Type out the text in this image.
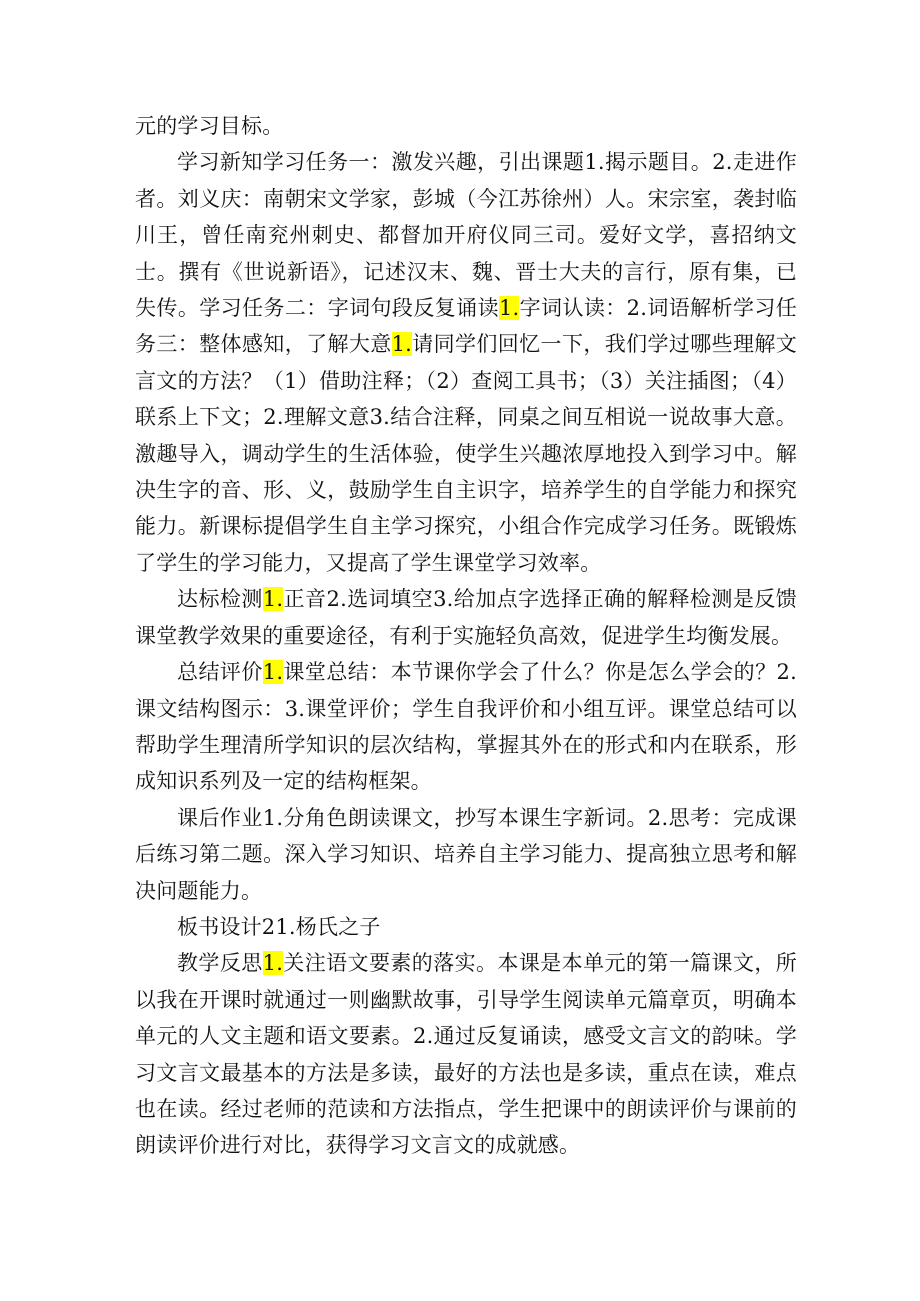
元的学习目标。

学习新知学习任务一：激发兴趣，引出课题1.揭示题目。2.走进作者。刘义庆：南朝宋文学家，彭城（今江苏徐州）人。宋宗室，袭封临川王，曾任南兖州刺史、都督加开府仪同三司。爱好文学，喜招纳文士。撰有《世说新语》，记述汉末、魏、晋士大夫的言行，原有集，已失传。学习任务二：字词句段反复诵读1.字词认读：2.词语解析学习任务三：整体感知，了解大意1.请同学们回忆一下，我们学过哪些理解文言文的方法？（1）借助注释；（2）查阅工具书；（3）关注插图；（4）联系上下文；2.理解文意3.结合注释，同桌之间互相说一说故事大意。激趣导入，调动学生的生活体验，使学生兴趣浓厚地投入到学习中。解决生字的音、形、义，鼓励学生自主识字，培养学生的自学能力和探究能力。新课标提倡学生自主学习探究，小组合作完成学习任务。既锻炼了学生的学习能力，又提高了学生课堂学习效率。

达标检测1.正音2.选词填空3.给加点字选择正确的解释检测是反馈课堂教学效果的重要途径，有利于实施轻负高效，促进学生均衡发展。

总结评价1.课堂总结：本节课你学会了什么？你是怎么学会的？2.课文结构图示：3.课堂评价；学生自我评价和小组互评。课堂总结可以帮助学生理清所学知识的层次结构，掌握其外在的形式和内在联系，形成知识系列及一定的结构框架。

课后作业1.分角色朗读课文，抄写本课生字新词。2.思考：完成课后练习第二题。深入学习知识、培养自主学习能力、提高独立思考和解决问题能力。

板书设计21.杨氏之子

教学反思1.关注语文要素的落实。本课是本单元的第一篇课文，所以我在开课时就通过一则幽默故事，引导学生阅读单元篇章页，明确本单元的人文主题和语文要素。2.通过反复诵读，感受文言文的韵味。学习文言文最基本的方法是多读，最好的方法也是多读，重点在读，难点也在读。经过老师的范读和方法指点，学生把课中的朗读评价与课前的朗读评价进行对比，获得学习文言文的成就感。
